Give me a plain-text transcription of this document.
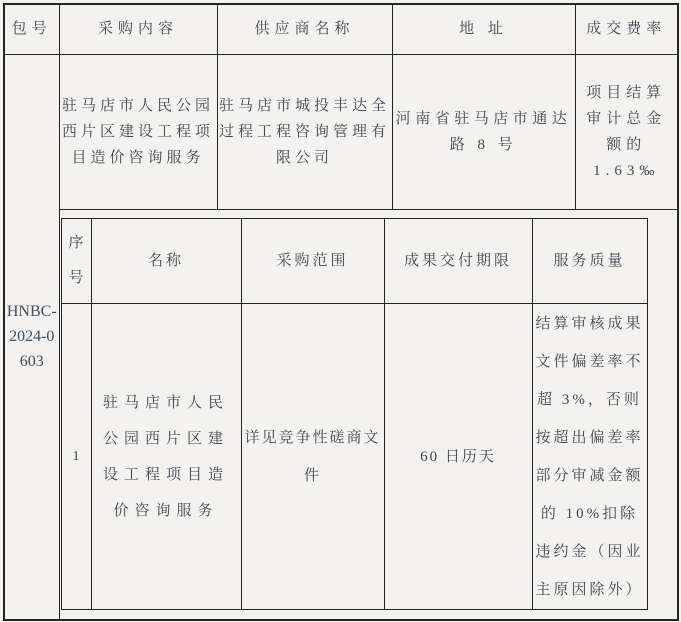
包号	采购内容	供应商名称	地 址	成交费率
HNBC-2024-0603	驻马店市人民公园西片区建设工程项目造价咨询服务	驻马店市城投丰达全过程工程咨询管理有限公司	河南省驻马店市通达路 8 号	项目结算审计总金额的 1.63‰

序号	名称	采购范围	成果交付期限	服务质量
1	驻马店市人民公园西片区建设工程项目造价咨询服务	详见竞争性磋商文件	60 日历天	结算审核成果文件偏差率不超 3%，否则按超出偏差率部分审减金额的 10%扣除违约金（因业主原因除外）
